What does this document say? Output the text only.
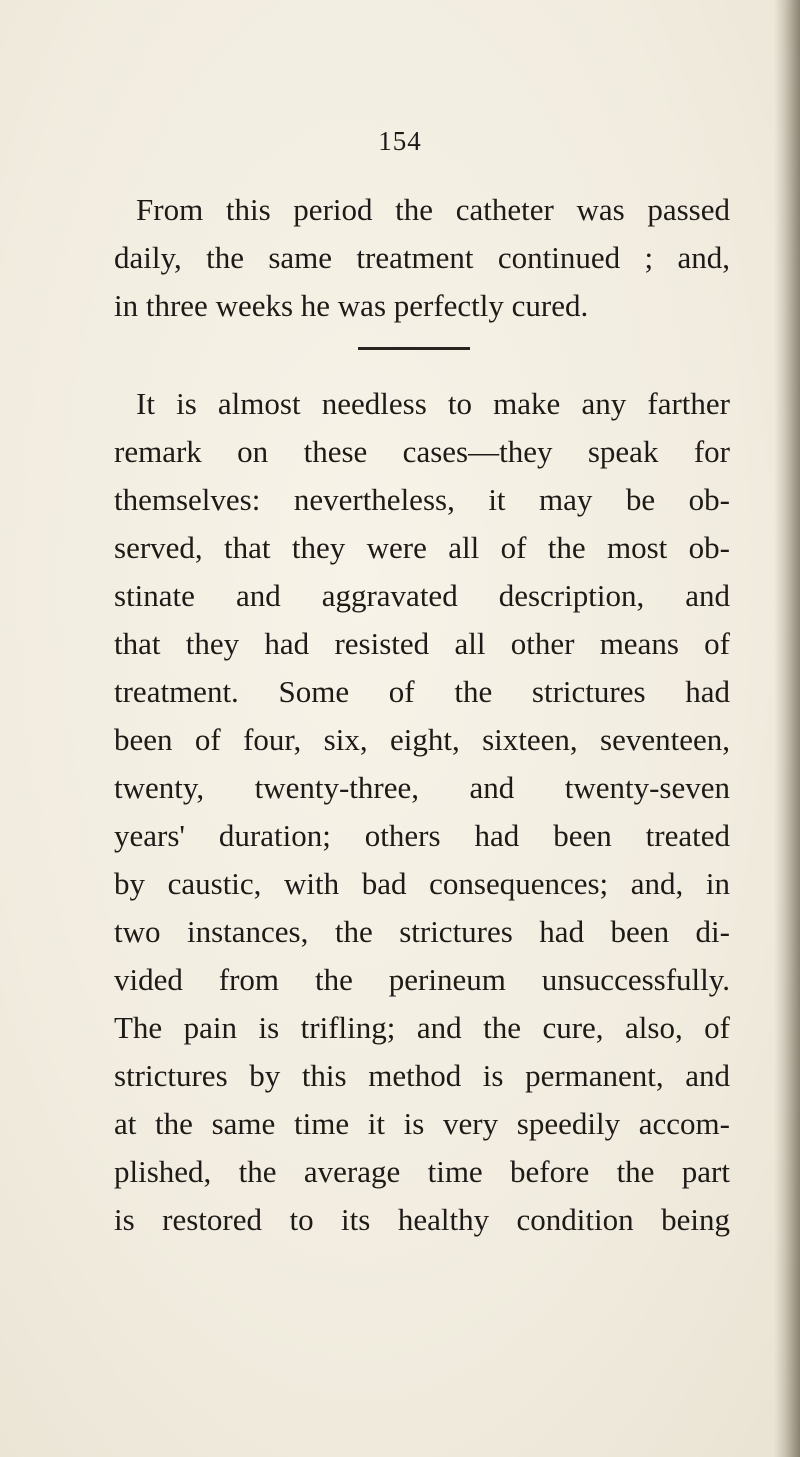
154

From this period the catheter was passed
daily, the same treatment continued ; and,
in three weeks he was perfectly cured.

It is almost needless to make any farther
remark on these cases—they speak for
themselves: nevertheless, it may be ob-
served, that they were all of the most ob-
stinate and aggravated description, and
that they had resisted all other means of
treatment. Some of the strictures had
been of four, six, eight, sixteen, seventeen,
twenty, twenty-three, and twenty-seven
years' duration; others had been treated
by caustic, with bad consequences; and, in
two instances, the strictures had been di-
vided from the perineum unsuccessfully.
The pain is trifling; and the cure, also, of
strictures by this method is permanent, and
at the same time it is very speedily accom-
plished, the average time before the part
is restored to its healthy condition being
